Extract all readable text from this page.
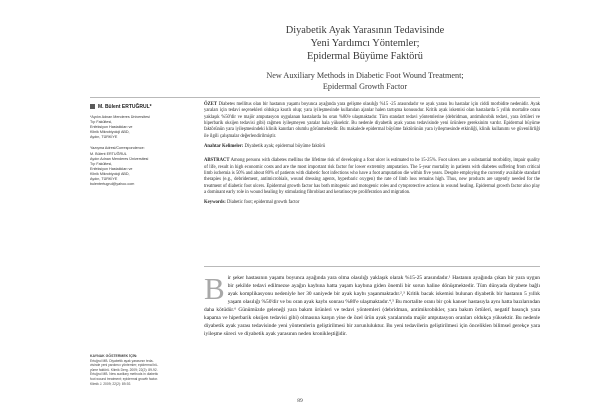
Diyabetik Ayak Yarasının Tedavisinde
Yeni Yardımcı Yöntemler;
Epidermal Büyüme Faktörü
New Auxiliary Methods in Diabetic Foot Wound Treatment;
Epidermal Growth Factor
M. Bülent ERTUĞRUL*
*Aydın Adnan Menderes Üniversitesi
Tıp Fakültesi,
Enfeksiyon Hastalıkları ve
Klinik Mikrobiyoloji ABD,
Aydın, TÜRKİYE
Yazışma Adresi/Correspondence:
M. Bülent ERTUĞRUL
Aydın Adnan Menderes Üniversitesi
Tıp Fakültesi,
Enfeksiyon Hastalıkları ve
Klinik Mikrobiyoloji ABD,
Aydın, TÜRKİYE
bulentertugrul@yahoo.com
ÖZET Diabetes mellitus olan bir hastanın yaşamı boyunca ayağında yara gelişme olasılığı %15 -25 arasındadır ve ayak yarası bu hastalar için ciddi morbidite nedenidir. Ayak yaraları için tedavi seçenekleri oldukça kısıtlı olup; yara iyileşmesinde kullanılan ajanlar halen tartışma konusudur. Kritik ayak iskemisi olan hastalarda 5 yıllık mortalite oranı yaklaşık %50'dir ve majör amputasyon uygulanan hastalarda bu oran %80'e ulaşmaktadır. Tüm standart tedavi yöntemlerine (debridman, antimikrobik tedavi, yara örtüleri ve hiperbarik oksijen tedavisi gibi) rağmen iyileşmeyen yaralar hala yüksektir. Bu nedenle diyabetik ayak yarası tedavisinde yeni ürünlere gereksinim vardır. Epidermal büyüme faktörünün yara iyileşmesindeki klinik kanıtları olumlu görünmektedir. Bu makalede epidermal büyüme faktörünün yara iyileşmesinde etkinliği, klinik kullanımı ve güvenilirliği ile ilgili çalışmalar değerlendirilmiştir.
Anahtar Kelimeler: Diyabetik ayak; epidermal büyüme faktörü
ABSTRACT Among persons with diabetes mellitus the lifetime risk of developing a foot ulcer is estimated to be 15-25%. Foot ulcers are a substantial morbidity, impair quality of life, result in high economic costs and are the most important risk factor for lower extremity amputation. The 5-year mortality in patients with diabetes suffering from critical limb ischemia is 50% and about 80% of patients with diabetic foot infections who have a foot amputation die within five years. Despite employing the currently available standard therapies (e.g., debridement, antimicrobials, wound dressing agents, hyperbaric oxygen) the rate of limb loss remains high. Thus, new products are urgently needed for the treatment of diabetic foot ulcers. Epidermal growth factor has both mitogenic and motogenic roles and cytoprotective actions in wound healing. Epidermal growth factor also play a dominant early role in wound healing by stimulating fibroblast and keratinocyte proliferation and migration.
Keywords: Diabetic foot; epidermal growth factor
B ir şeker hastasının yaşamı boyunca ayağında yara olma olasılığı yaklaşık olarak %15-25 arasındadır.¹ Hastanın ayağında çıkan bir yara uygun bir şekilde tedavi edilmezse ayağın kaybına hatta yaşam kaybına giden önemli bir sorun haline dönüşmektedir. Tüm dünyada diyabete bağlı ayak komplikasyonu nedeniyle her 30 saniyede bir ayak kaybı yaşanmaktadır.²,³ Kritik bacak iskemisi bulunan diyabetik bir hastanın 5 yıllık yaşam olasılığı %50'dir ve bu oran ayak kaybı sonrası %80'e ulaşmaktadır.⁴,⁵ Bu mortalite oranı bir çok kanser hastasıyla aynı hatta bazılarından daha kötüdür.⁶ Günümüzde geleneği yara bakım ürünleri ve tedavi yöntemleri (debridman, antimikrobikler, yara bakım örtüleri, negatif basınçlı yara kapama ve hiperbarik oksijen tedavisi gibi) olmasına karşın yine de özel ürün ayak yaralarında majör amputasyon oranları oldukça yüksektir. Bu nedenle diyabetik ayak yarası tedavisinde yeni yöntemlerin geliştirilmesi bir zorunluluktur. Bu yeni tedavilerin geliştirilmesi için önceliklen bilimsel gerekçe yara iyileşme süreci ve diyabetik ayak yarasının neden kronikleştiğidir.
KAYNAK GÖSTERMEK İÇİN:
Ertuğrul MB. Diyabetik ayak yarasının teda-
visinde yeni yardımcı yöntemler; epidermal bü-
yüme faktörü. Klimik Derg. 2009; 22(2): 89-92.
Ertuğrul MB. New auxiliary methods in diabetic
foot wound treatment; epidermal growth factor.
Klimik J. 2009; 22(2): 89-92.
89
